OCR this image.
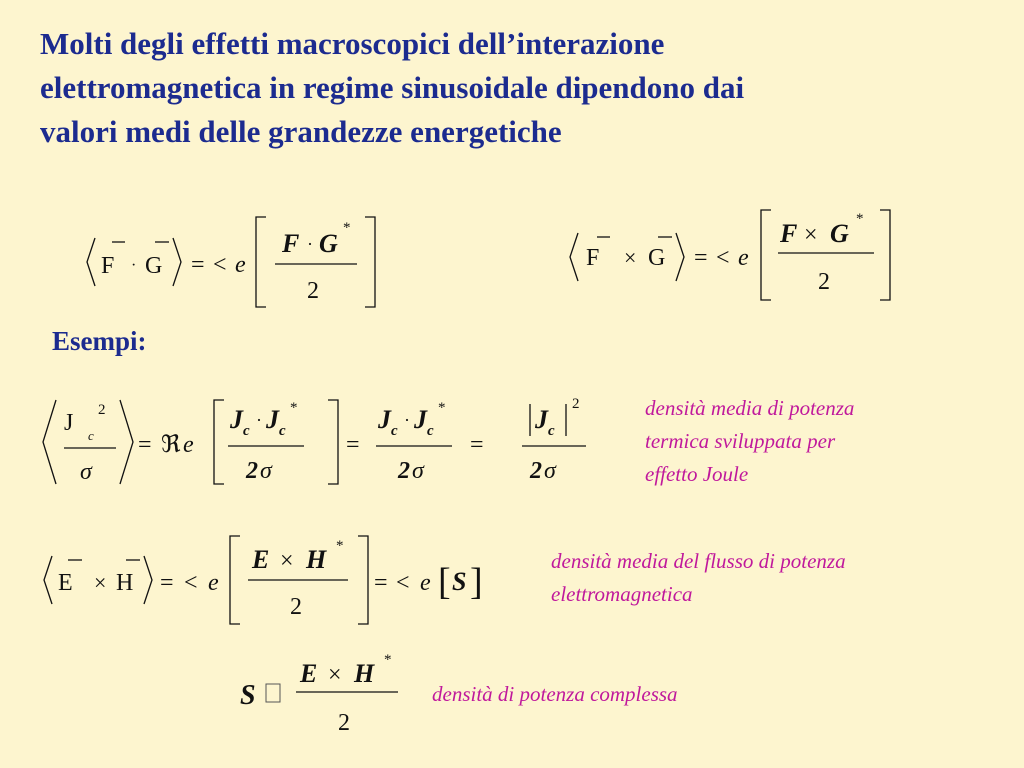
Molti degli effetti macroscopici dell’interazione
elettromagnetica in regime sinusoidale dipendono dai
valori medi delle grandezze energetiche
F · G = < e
F · G
*
2
F × G = < e
F × G *
2
Esempi:
J c
2
σ
= ℜ e
J c
· J c
*
2 σ
=
J c
· J c
*
2 σ
=
J c
2
2 σ
densità media di potenza
termica sviluppata per
effetto Joule
E × H = < e
E × H *
2
= < e [ S ]	densità media del flusso di potenza
elettromagnetica
S
E × H *
2
densità di potenza complessa
